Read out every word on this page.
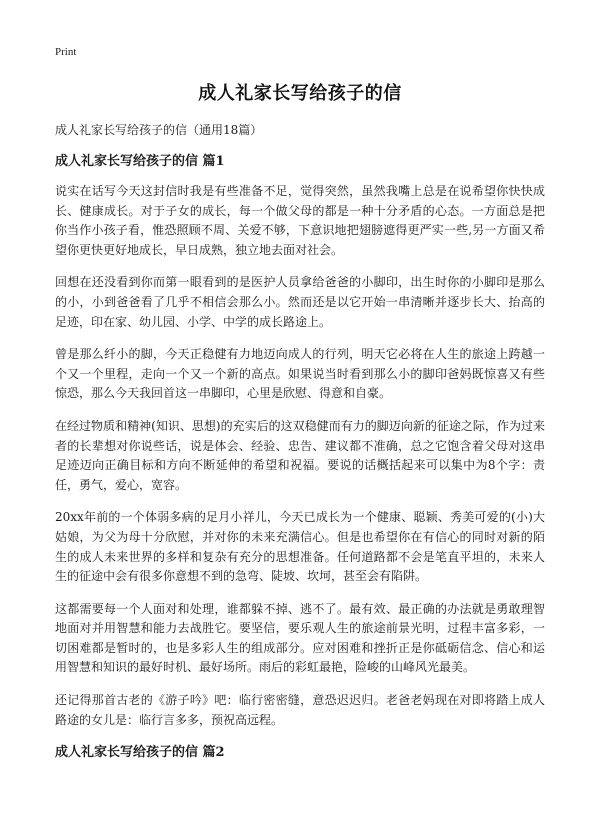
Print
成人礼家长写给孩子的信
成人礼家长写给孩子的信（通用18篇）
成人礼家长写给孩子的信 篇1

说实在话写今天这封信时我是有些准备不足，觉得突然，虽然我嘴上总是在说希望你快快成长、健康成长。对于子女的成长，每一个做父母的都是一种十分矛盾的心态。一方面总是把你当作小孩子看，惟恐照顾不周、关爱不够，下意识地把翅膀遮得更严实一些,另一方面又希望你更快更好地成长，早日成熟，独立地去面对社会。

回想在还没看到你而第一眼看到的是医护人员拿给爸爸的小脚印，出生时你的小脚印是那么的小，小到爸爸看了几乎不相信会那么小。然而还是以它开始一串清晰并逐步长大、抬高的足迹，印在家、幼儿园、小学、中学的成长路途上。

曾是那么纤小的脚，今天正稳健有力地迈向成人的行列，明天它必将在人生的旅途上跨越一个又一个里程，走向一个又一个新的高点。如果说当时看到那么小的脚印爸妈既惊喜又有些惊恐，那么今天我回首这一串脚印，心里是欣慰、得意和自豪。

在经过物质和精神(知识、思想)的充实后的这双稳健而有力的脚迈向新的征途之际，作为过来者的长辈想对你说些话，说是体会、经验、忠告、建议都不准确，总之它饱含着父母对这串足迹迈向正确目标和方向不断延伸的希望和祝福。要说的话概括起来可以集中为8个字：责任，勇气，爱心，宽容。

20xx年前的一个体弱多病的足月小祥儿，今天已成长为一个健康、聪颖、秀美可爱的(小)大姑娘，为父为母十分欣慰，并对你的未来充满信心。但是也希望你在有信心的同时对新的陌生的成人未来世界的多样和复杂有充分的思想准备。任何道路都不会是笔直平坦的，未来人生的征途中会有很多你意想不到的急弯、陡坡、坎坷，甚至会有陷阱。

这都需要每一个人面对和处理，谁都躲不掉、逃不了。最有效、最正确的办法就是勇敢理智地面对并用智慧和能力去战胜它。要坚信，要乐观人生的旅途前景光明，过程丰富多彩，一切困难都是暂时的，也是多彩人生的组成部分。应对困难和挫折正是你砥砺信念、信心和运用智慧和知识的最好时机、最好场所。雨后的彩虹最艳，险峻的山峰风光最美。

还记得那首古老的《游子吟》吧：临行密密缝，意恐迟迟归。老爸老妈现在对即将踏上成人路途的女儿是：临行言多多，预祝高远程。

成人礼家长写给孩子的信 篇2
